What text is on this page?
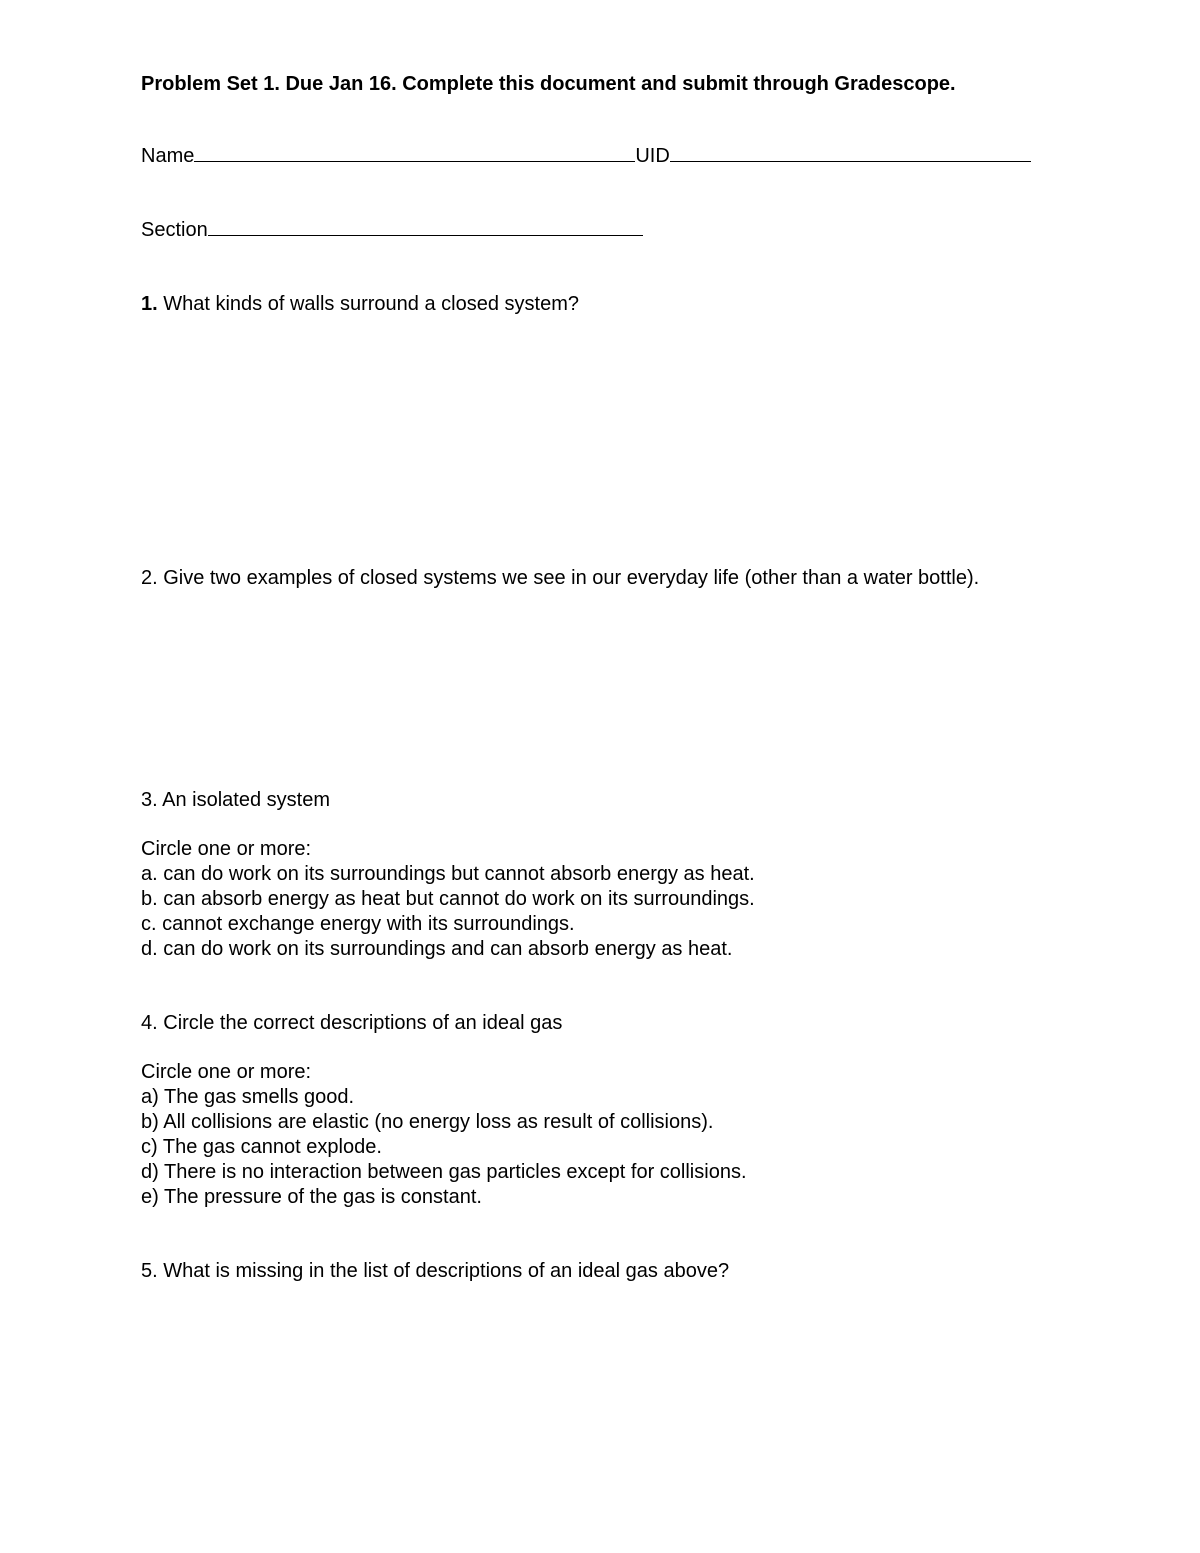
Problem Set 1. Due Jan 16. Complete this document and submit through Gradescope.
Name	UID
Section
1. What kinds of walls surround a closed system?
2. Give two examples of closed systems we see in our everyday life (other than a water bottle).
3. An isolated system
Circle one or more:
a. can do work on its surroundings but cannot absorb energy as heat.
b. can absorb energy as heat but cannot do work on its surroundings.
c. cannot exchange energy with its surroundings.
d. can do work on its surroundings and can absorb energy as heat.
4. Circle the correct descriptions of an ideal gas
Circle one or more:
a) The gas smells good.
b) All collisions are elastic (no energy loss as result of collisions).
c) The gas cannot explode.
d) There is no interaction between gas particles except for collisions.
e) The pressure of the gas is constant.
5. What is missing in the list of descriptions of an ideal gas above?
